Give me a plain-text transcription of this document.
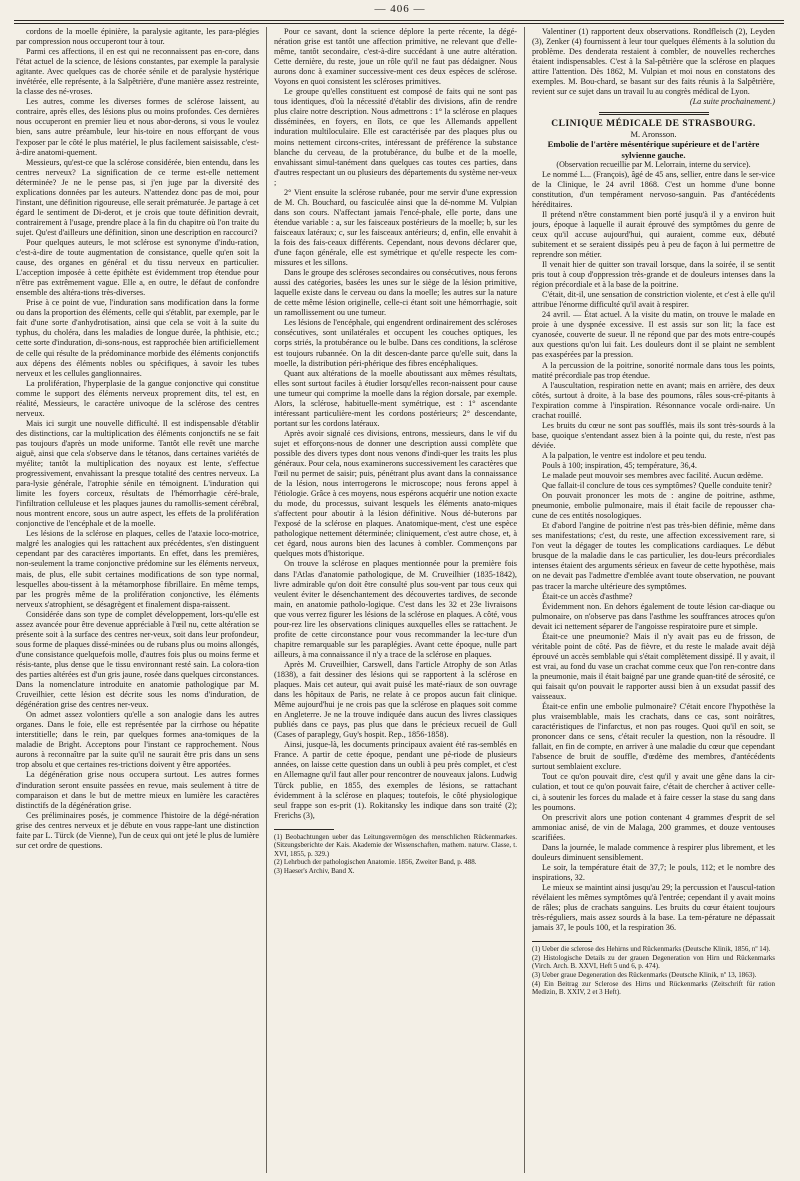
— 406 —

cordons de la moelle épinière, la paralysie agitante, les para-plégies par compression nous occuperont tour à tour.

Parmi ces affections, il en est qui ne reconnaissent pas en-core, dans l'état actuel de la science, de lésions constantes, par exemple la paralysie agitante. Avec quelques cas de chorée sénile et de paralysie hystérique invétérée, elle représente, à la Salpêtrière, d'une manière assez restreinte, la classe des né-vroses.

Les autres, comme les diverses formes de sclérose laissent, au contraire, après elles, des lésions plus ou moins profondes. Ces dernières nous occuperont en premier lieu et nous abor-derons, si vous le voulez bien, sans autre préambule, leur his-toire en nous efforçant de vous l'exposer par le côté le plus matériel, le plus facilement saisissable, c'est-à-dire anatomi-quement.

Messieurs, qu'est-ce que la sclérose considérée, bien entendu, dans les centres nerveux? La signification de ce terme est-elle nettement déterminée? Je ne le pense pas, si j'en juge par la diversité des explications données par les auteurs. N'attendez donc pas de moi, pour l'instant, une définition rigoureuse, elle serait prématurée. Je partage à cet égard le sentiment de Di-derot, et je crois que toute définition devrait, contrairement à l'usage, prendre place à la fin du chapitre où l'on traite du sujet. Qu'est d'ailleurs une définition, sinon une description en raccourci?

Pour quelques auteurs, le mot sclérose est synonyme d'indu-ration, c'est-à-dire de toute augmentation de consistance, quelle qu'en soit la cause, des organes en général et du tissu nerveux en particulier. L'acception imposée à cette épithète est évidemment trop étendue pour n'être pas extrêmement vague. Elle a, en outre, le défaut de confondre ensemble des altéra-tions très-diverses.

Prise à ce point de vue, l'induration sans modification dans la forme ou dans la proportion des éléments, celle qui s'établit, par exemple, par le fait d'une sorte d'anhydrotisation, ainsi que cela se voit à la suite du typhus, du choléra, dans les maladies de longue durée, la phthisie, etc.; cette sorte d'induration, di-sons-nous, est rapprochée bien artificiellement de celle qui résulte de la prédominance morbide des éléments conjonctifs aux dépens des éléments nobles ou spécifiques, à savoir les tubes nerveux et les cellules ganglionnaires.

La prolifération, l'hyperplasie de la gangue conjonctive qui constitue comme le support des éléments nerveux proprement dits, tel est, en réalité, Messieurs, le caractère univoque de la sclérose des centres nerveux.

Mais ici surgit une nouvelle difficulté. Il est indispensable d'établir des distinctions, car la multiplication des éléments conjonctifs ne se fait pas toujours d'après un mode uniforme. Tantôt elle revêt une marche aiguë, ainsi que cela s'observe dans le tétanos, dans certaines variétés de myélite; tantôt la multiplication des noyaux est lente, s'effectue progressivement, envahissant la presque totalité des centres nerveux. La para-lysie générale, l'atrophie sénile en témoignent. L'induration qui limite les foyers corceux, résultats de l'hémorrhagie céré-brale, l'infiltration celluleuse et les plaques jaunes du ramollis-sement cérébral, nous montrent encore, sous un autre aspect, les effets de la prolifération conjonctive de l'encéphale et de la moelle.

Les lésions de la sclérose en plaques, celles de l'ataxie loco-motrice, malgré les analogies qui les rattachent aux précédentes, s'en distinguent cependant par des caractères importants. En effet, dans les premières, non-seulement la trame conjonctive prédomine sur les éléments nerveux, mais, de plus, elle subit certaines modifications de son type normal, lesquelles abou-tissent à la métamorphose fibrillaire. En même temps, par les progrès même de la prolifération conjonctive, les éléments nerveux s'atrophient, se désagrègent et finalement dispa-raissent.

Considérée dans son type de complet développement, lors-qu'elle est assez avancée pour être devenue appréciable à l'œil nu, cette altération se présente soit à la surface des centres ner-veux, soit dans leur profondeur, sous forme de plaques dissé-minées ou de rubans plus ou moins allongés, d'une consistance quelquefois molle, d'autres fois plus ou moins ferme et résis-tante, plus dense que le tissu environnant resté sain. La colora-tion des parties altérées est d'un gris jaune, rosée dans quelques circonstances. Dans la nomenclature introduite en anatomie pathologique par M. Cruveilhier, cette lésion est décrite sous les noms d'induration, de dégénération grise des centres ner-veux.

On admet assez volontiers qu'elle a son analogie dans les autres organes. Dans le foie, elle est représentée par la cirrhose ou hépatite interstitielle; dans le rein, par quelques formes ana-tomiques de la maladie de Bright. Acceptons pour l'instant ce rapprochement. Nous aurons à reconnaître par la suite qu'il ne saurait être pris dans un sens trop absolu et que certaines res-trictions doivent y être apportées.

La dégénération grise nous occupera surtout. Les autres formes d'induration seront ensuite passées en revue, mais seulement à titre de comparaison et dans le but de mettre mieux en lumière les caractères distinctifs de la dégénération grise.

Ces préliminaires posés, je commence l'histoire de la dégé-nération grise des centres nerveux et je débute en vous rappe-lant une distinction faite par L. Türck (de Vienne), l'un de ceux qui ont jeté le plus de lumière sur cet ordre de questions.

Pour ce savant, dont la science déplore la perte récente, la dégé-nération grise est tantôt une affection primitive, ne relevant que d'elle-même, tantôt secondaire, c'est-à-dire succédant à une autre altération. Cette dernière, du reste, joue un rôle qu'il ne faut pas dédaigner. Nous aurons donc à examiner successive-ment ces deux espèces de sclérose. Voyons en quoi consistent les scléroses primitives.

Le groupe qu'elles constituent est composé de faits qui ne sont pas tous identiques, d'où la nécessité d'établir des divisions, afin de rendre plus claire notre description. Nous admettrons : 1° la sclérose en plaques disséminées, en foyers, en îlots, ce que les Allemands appellent induration multiloculaire. Elle est caractérisée par des plaques plus ou moins nettement circons-crites, intéressant de préférence la substance blanche du cerveau, de la protubérance, du bulbe et de la moelle, envahissant simul-tanément dans quelques cas toutes ces parties, dans d'autres respectant un ou plusieurs des départements du système ner-veux ;

2° Vient ensuite la sclérose rubanée, pour me servir d'une expression de M. Ch. Bouchard, ou fasciculée ainsi que la dé-nomme M. Vulpian dans son cours. N'affectant jamais l'encé-phale, elle porte, dans une étendue variable : a, sur les faisceaux postérieurs de la moelle; b, sur les faisceaux latéraux; c, sur les faisceaux antérieurs; d, enfin, elle envahit à la fois des fais-ceaux différents. Cependant, nous devons déclarer que, d'une façon générale, elle est symétrique et qu'elle respecte les com-missures et les sillons.

Dans le groupe des scléroses secondaires ou consécutives, nous ferons aussi des catégories, basées les unes sur le siège de la lésion primitive, laquelle existe dans le cerveau ou dans la moelle; les autres sur la nature de cette même lésion originelle, celle-ci étant soit une hémorrhagie, soit un ramollissement ou une tumeur.

Les lésions de l'encéphale, qui engendrent ordinairement des scléroses consécutives, sont unilatérales et occupent les couches optiques, les corps striés, la protubérance ou le bulbe. Dans ces conditions, la sclérose est toujours rubannée. On la dit descen-dante parce qu'elle suit, dans la moelle, la distribution péri-phérique des fibres encéphaliques.

Quant aux altérations de la moelle aboutissant aux mêmes résultats, elles sont surtout faciles à étudier lorsqu'elles recon-naissent pour cause une tumeur qui comprime la moelle dans la région dorsale, par exemple. Alors, la sclérose, habituelle-ment symétrique, est : 1° ascendante intéressant particulière-ment les cordons postérieurs; 2° descendante, portant sur les cordons latéraux.

Après avoir signalé ces divisions, entrons, messieurs, dans le vif du sujet et efforçons-nous de donner une description aussi complète que possible des divers types dont nous venons d'indi-quer les traits les plus généraux. Pour cela, nous examinerons successivement les caractères que l'œil nu permet de saisir; puis, pénétrant plus avant dans la connaissance de la lésion, nous interrogerons le microscope; nous ferons appel à l'étiologie. Grâce à ces moyens, nous espérons acquérir une notion exacte du mode, du processus, suivant lesquels les éléments anato-miques s'affectent pour aboutir à la lésion définitive. Nous dé-buterons par l'exposé de la sclérose en plaques. Anatomique-ment, c'est une espèce pathologique nettement déterminée; cliniquement, c'est autre chose, et, à cet égard, nous aurons bien des lacunes à combler. Commençons par quelques mots d'historique.

On trouve la sclérose en plaques mentionnée pour la première fois dans l'Atlas d'anatomie pathologique, de M. Cruveilhier (1835-1842), livre admirable qu'on doit être consulté plus sou-vent par tous ceux qui veulent éviter le désenchantement des découvertes tardives, de seconde main, en anatomie patholo-logique. C'est dans les 32 et 23e livraisons que vous verrez figurer les lésions de la sclérose en plaques. A côté, vous pour-rez lire les observations cliniques auxquelles elles se rattachent. Je profite de cette circonstance pour vous recommander la lec-ture d'un chapitre remarquable sur les paraplégies. Avant cette époque, nulle part ailleurs, à ma connaissance il n'y a trace de la sclérose en plaques.

Après M. Cruveilhier, Carswell, dans l'article Atrophy de son Atlas (1838), a fait dessiner des lésions qui se rapportent à la sclérose en plaques. Mais cet auteur, qui avait puisé les maté-riaux de son ouvrage dans les hôpitaux de Paris, ne relate à ce propos aucun fait clinique. Même aujourd'hui je ne crois pas que la sclérose en plaques soit comme en Angleterre. Je ne la trouve indiquée dans aucun des livres classiques publiés dans ce pays, pas plus que dans le précieux recueil de Gull (Cases of paraplegy, Guy's hospit. Rep., 1856-1858).

Ainsi, jusque-là, les documents principaux avaient été ras-semblés en France. A partir de cette époque, pendant une pé-riode de plusieurs années, on laisse cette question dans un oubli à peu près complet, et c'est en Allemagne qu'il faut aller pour rencontrer de nouveaux jalons. Ludwig Türck publie, en 1855, des exemples de lésions, se rattachant évidemment à la sclérose en plaques; toutefois, le côté physiologique seul frappe son es-prit (1). Rokitansky les indique dans son traité (2); Frerichs (3),

(1) Beobachtungen ueber das Leitungsvermögen des menschlichen Rückenmarkes. (Sitzungsberichte der Kais. Akademie der Wissenschaften, mathem. naturw. Classe, t. XVI, 1855, p. 329.)

(2) Lehrbuch der pathologischen Anatomie. 1856, Zweiter Band, p. 488.

(3) Haeser's Archiv, Band X.

Valentiner (1) rapportent deux observations. Rondfleisch (2), Leyden (3), Zenker (4) fournissent à leur tour quelques éléments à la solution du problème. Des denderata restaient à combler, de nouvelles recherches étaient indispensables. C'est à la Sal-pêtrière que la sclérose en plaques attire l'attention. Dès 1862, M. Vulpian et moi nous en constatons des exemples. M. Bou-chard, se basant sur des faits réunis à la Salpêtrière, revient sur ce sujet dans un travail lu au congrès médical de Lyon.

(La suite prochainement.)

CLINIQUE MÉDICALE DE STRASBOURG.

M. Aronsson.

Embolie de l'artère mésentérique supérieure et de l'artère sylvienne gauche.

(Observation recueillie par M. Lelorrain, interne du service).

Le nommé L... (François), âgé de 45 ans, sellier, entre dans le ser-vice de la Clinique, le 24 avril 1868. C'est un homme d'une bonne constitution, d'un tempérament nervoso-sanguin. Pas d'antécédents héréditaires.

Il prétend n'être constamment bien porté jusqu'à il y a environ huit jours, époque à laquelle il aurait éprouvé des symptômes du genre de ceux qu'il accuse aujourd'hui, qui auraient, comme eux, débuté subitement et se seraient dissipés peu à peu de façon à lui permettre de reprendre son métier.

Il venait hier de quitter son travail lorsque, dans la soirée, il se sentit pris tout à coup d'oppression très-grande et de douleurs intenses dans la région précordiale et à la base de la poitrine.

C'était, dit-il, une sensation de constriction violente, et c'est à elle qu'il attribue l'énorme difficulté qu'il avait à respirer.

24 avril. — État actuel. A la visite du matin, on trouve le malade en proie à une dyspnée excessive. Il est assis sur son lit; la face est cyanosée, couverte de sueur. Il ne répond que par des mots entre-coupés aux questions qu'on lui fait. Les douleurs dont il se plaint ne semblent pas exaspérées par la pression.

A la percussion de la poitrine, sonorité normale dans tous les points, matité précordiale pas trop étendue.

A l'auscultation, respiration nette en avant; mais en arrière, des deux côtés, surtout à droite, à la base des poumons, râles sous-cré-pitants à l'expiration comme à l'inspiration. Résonnance vocale ordi-naire. Un crachat rouillé.

Les bruits du cœur ne sont pas soufflés, mais ils sont très-sourds à la base, quoique s'entendant assez bien à la pointe qui, du reste, n'est pas déviée.

A la palpation, le ventre est indolore et peu tendu.

Pouls à 100; inspiration, 45; température, 36,4.

Le malade peut mouvoir ses membres avec facilité. Aucun œdème.

Que fallait-il conclure de tous ces symptômes? Quelle conduite tenir?

On pouvait prononcer les mots de : angine de poitrine, asthme, pneumonie, embolie pulmonaire, mais il était facile de repousser cha-cune de ces entités nosologiques.

Et d'abord l'angine de poitrine n'est pas très-bien définie, même dans ses manifestations; c'est, du reste, une affection excessivement rare, si l'on veut la dégager de toutes les complications cardiaques. Le début brusque de la maladie dans le cas particulier, les dou-leurs précordiales intenses étaient des arguments sérieux en faveur de cette hypothèse, mais on ne devait pas l'admettre d'emblée avant toute observation, ne pouvant pas tracer la marche ultérieure des symptômes.

Était-ce un accès d'asthme?

Évidemment non. En dehors également de toute lésion car-diaque ou pulmonaire, on n'observe pas dans l'asthme les souffrances atroces qu'on devait ici nettement séparer de l'angoisse respiratoire pure et simple.

Était-ce une pneumonie? Mais il n'y avait pas eu de frisson, de véritable point de côté. Pas de fièvre, et du reste le malade avait déjà éprouvé un accès semblable qui s'était complètement dissipé. Il y avait, il est vrai, au fond du vase un crachat comme ceux que l'on ren-contre dans la pneumonie, mais il était baigné par une grande quan-tité de sérosité, ce qui faisait qu'on pouvait le rapporter aussi bien à un exsudat passif des vaisseaux.

Était-ce enfin une embolie pulmonaire? C'était encore l'hypothèse la plus vraisemblable, mais les crachats, dans ce cas, sont noirâtres, caractéristiques de l'infarctus, et non pas rouges. Quoi qu'il en soit, se prononcer dans ce sens, c'était reculer la question, non la résoudre. Il fallait, en fin de compte, en arriver à une maladie du cœur que cependant l'absence de bruit de souffle, d'œdème des membres, d'antécédents surtout semblaient exclure.

Tout ce qu'on pouvait dire, c'est qu'il y avait une gêne dans la cir-culation, et tout ce qu'on pouvait faire, c'était de chercher à activer celle-ci, à soutenir les forces du malade et à faire cesser la stase du sang dans les poumons.

On prescrivit alors une potion contenant 4 grammes d'esprit de sel ammoniac anisé, de vin de Malaga, 200 grammes, et douze ventouses scarifiées.

Dans la journée, le malade commence à respirer plus librement, et les douleurs diminuent sensiblement.

Le soir, la température était de 37,7; le pouls, 112; et le nombre des inspirations, 32.

Le mieux se maintint ainsi jusqu'au 29; la percussion et l'auscul-tation révélaient les mêmes symptômes qu'à l'entrée; cependant il y avait moins de râles; plus de crachats sanguins. Les bruits du cœur étaient toujours très-réguliers, mais assez sourds à la base. La tem-pérature ne dépassait jamais 37, le pouls 100, et la respiration 36.

(1) Ueber die sclerose des Hehirns und Rückenmarks (Deutsche Klinik, 1856, nº 14).

(2) Histologische Details zu der grauen Degeneration von Hirn und Rückenmarks (Virch. Arch. B. XXVI, Heft 5 und 6, p. 474).

(3) Ueber graue Degeneration des Rückenmarks (Deutsche Klinik, nº 13, 1863).

(4) Ein Beitrag zur Sclerose des Hirns und Rückenmarks (Zeitschrift für ration Medizin, B. XXIV, 2 et 3 Heft).
